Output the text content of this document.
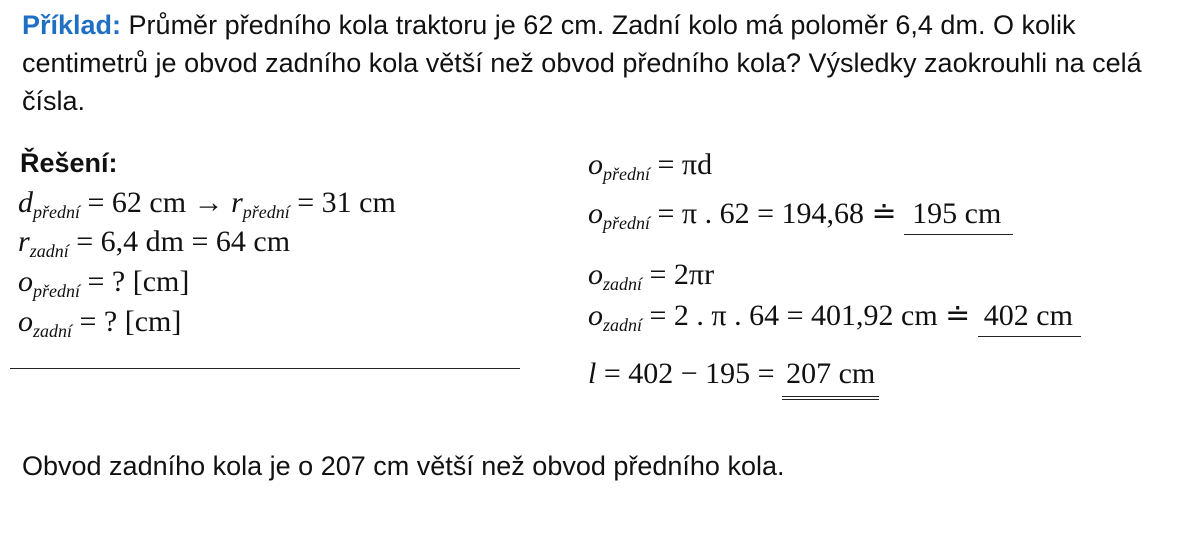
Příklad: Průměr předního kola traktoru je 62 cm. Zadní kolo má poloměr 6,4 dm. O kolik centimetrů je obvod zadního kola větší než obvod předního kola? Výsledky zaokrouhli na celá čísla.
Řešení:
$d_{přední} = 62$ cm → $r_{přední} = 31$ cm
$r_{zadní} = 6,4$ dm = 64 cm
$o_{přední}$ = ? [cm]
$o_{zadní}$ = ? [cm]
$o_{přední} = \pi d$
$o_{přední} = \pi$ . 62 = 194,68 ≐ 195 cm
$o_{zadní} = 2\pi r$
$o_{zadní} = 2$ . π . 64 = 401,92 cm ≐ 402 cm
l = 402 − 195 = 207 cm
Obvod zadního kola je o 207 cm větší než obvod předního kola.
